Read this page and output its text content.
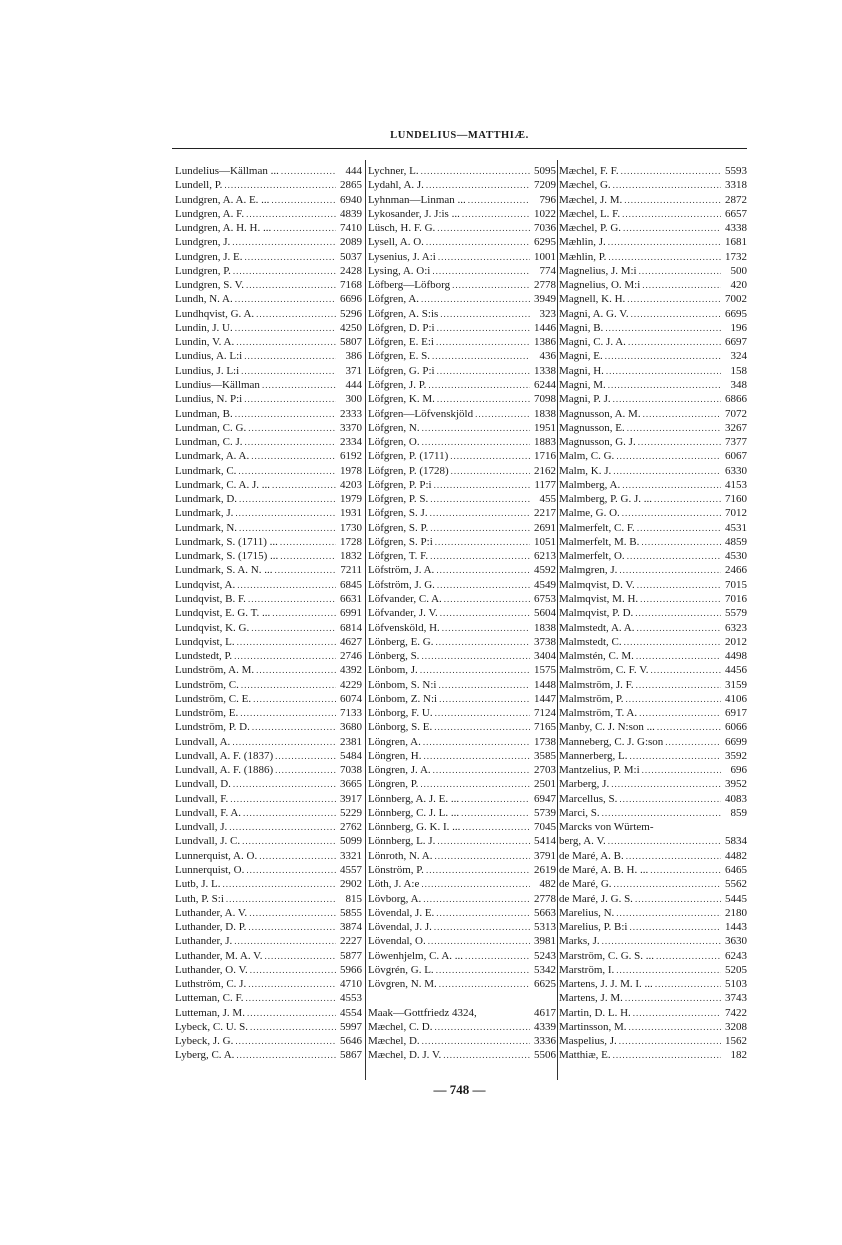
LUNDELIUS—MATTHIÆ.
Lundelius—Källman ... .....	444
Lundell, P. .....	2865
Lundgren, A. A. E. ... .....	6940
Lundgren, A. F. .....	4839
Lundgren, A. H. H. ... .....	7410
Lundgren, J. .....	2089
Lundgren, J. E. .....	5037
Lundgren, P. .....	2428
Lundgren, S. V. .....	7168
Lundh, N. A. .....	6696
Lundhqvist, G. A. .....	5296
Lundin, J. U. .....	4250
Lundin, V. A. .....	5807
Lundius, A. L:i .....	386
Lundius, J. L:i .....	371
Lundius—Källman .....	444
Lundius, N. P:i .....	300
Lundman, B. .....	2333
Lundman, C. G. .....	3370
Lundman, C. J. .....	2334
Lundmark, A. A. .....	6192
Lundmark, C. .....	1978
Lundmark, C. A. J. ... .....	4203
Lundmark, D. .....	1979
Lundmark, J. .....	1931
Lundmark, N. .....	1730
Lundmark, S. (1711) ... .....	1728
Lundmark, S. (1715) ... .....	1832
Lundmark, S. A. N. ... .....	7211
Lundqvist, A. .....	6845
Lundqvist, B. F. .....	6631
Lundqvist, E. G. T. ... .....	6991
Lundqvist, K. G. .....	6814
Lundqvist, L. .....	4627
Lundstedt, P. .....	2746
Lundström, A. M. .....	4392
Lundström, C. .....	4229
Lundström, C. E. .....	6074
Lundström, E. .....	7133
Lundström, P. D. .....	3680
Lundvall, A. .....	2381
Lundvall, A. F. (1837) .....	5484
Lundvall, A. F. (1886) .....	7038
Lundvall, D. .....	3665
Lundvall, F. .....	3917
Lundvall, F. A. .....	5229
Lundvall, J. .....	2762
Lundvall, J. C. .....	5099
Lunnerquist, A. O. .....	3321
Lunnerquist, O. .....	4557
Lutb, J. L. .....	2902
Luth, P. S:i .....	815
Luthander, A. V. .....	5855
Luthander, D. P. .....	3874
Luthander, J. .....	2227
Luthander, M. A. V. .....	5877
Luthander, O. V. .....	5966
Luthström, C. J. .....	4710
Lutteman, C. F. .....	4553
Lutteman, J. M. .....	4554
Lybeck, C. U. S. .....	5997
Lybeck, J. G. .....	5646
Lyberg, C. A. .....	5867
Lychner, L. .....	5095
Lydahl, A. J. .....	7209
Lyhnman—Linman ... .....	796
Lykosander, J. J:is ... .....	1022
Lüsch, H. F. G. .....	7036
Lysell, A. O. .....	6295
Lysenius, J. A:i .....	1001
Lysing, A. O:i .....	774
Löfberg—Löfborg .....	2778
Löfgren, A. .....	3949
Löfgren, A. S:is .....	323
Löfgren, D. P:i .....	1446
Löfgren, E. E:i .....	1386
Löfgren, E. S. .....	436
Löfgren, G. P:i .....	1338
Löfgren, J. P. .....	6244
Löfgren, K. M. .....	7098
Löfgren—Löfvenskjöld .....	1838
Löfgren, N. .....	1951
Löfgren, O. .....	1883
Löfgren, P. (1711) .....	1716
Löfgren, P. (1728) .....	2162
Löfgren, P. P:i .....	1177
Löfgren, P. S. .....	455
Löfgren, S. J. .....	2217
Löfgren, S. P. .....	2691
Löfgren, S. P:i .....	1051
Löfgren, T. F. .....	6213
Löfström, J. A. .....	4592
Löfström, J. G. .....	4549
Löfvander, C. A. .....	6753
Löfvander, J. V. .....	5604
Löfvensköld, H. .....	1838
Lönberg, E. G. .....	3738
Lönberg, S. .....	3404
Lönbom, J. .....	1575
Lönbom, S. N:i .....	1448
Lönbom, Z. N:i .....	1447
Lönborg, F. U. .....	7124
Lönborg, S. E. .....	7165
Löngren, A. .....	1738
Löngren, H. .....	3585
Löngren, J. A. .....	2703
Löngren, P. .....	2501
Lönnberg, A. J. E. ... .....	6947
Lönnberg, C. J. L. ... .....	5739
Lönnberg, G. K. I. ... .....	7045
Lönnberg, L. J. .....	5414
Lönroth, N. A. .....	3791
Lönström, P. .....	2619
Löth, J. A:e .....	482
Lövborg, A. .....	2778
Lövendal, J. E. .....	5663
Lövendal, J. J. .....	5313
Lövendal, O. .....	3981
Löwenhjelm, C. A. ... .....	5243
Lövgrén, G. L. .....	5342
Lövgren, N. M. .....	6625
Maak—Gottfriedz 4324,	4617
Mæchel, C. D. .....	4339
Mæchel, D. .....	3336
Mæchel, D. J. V. .....	5506
Mæchel, F. F. .....	5593
Mæchel, G. .....	3318
Mæchel, J. M. .....	2872
Mæchel, L. F. .....	6657
Mæchel, P. G. .....	4338
Mæhlin, J. .....	1681
Mæhlin, P. .....	1732
Magnelius, J. M:i .....	500
Magnelius, O. M:i .....	420
Magnell, K. H. .....	7002
Magni, A. G. V. .....	6695
Magni, B. .....	196
Magni, C. J. A. .....	6697
Magni, E. .....	324
Magni, H. .....	158
Magni, M. .....	348
Magni, P. J. .....	6866
Magnusson, A. M. .....	7072
Magnusson, E. .....	3267
Magnusson, G. J. .....	7377
Malm, C. G. .....	6067
Malm, K. J. .....	6330
Malmberg, A. .....	4153
Malmberg, P. G. J. ... .....	7160
Malme, G. O. .....	7012
Malmerfelt, C. F. .....	4531
Malmerfelt, M. B. .....	4859
Malmerfelt, O. .....	4530
Malmgren, J. .....	2466
Malmqvist, D. V. .....	7015
Malmqvist, M. H. .....	7016
Malmqvist, P. D. .....	5579
Malmstedt, A. A. .....	6323
Malmstedt, C. .....	2012
Malmstén, C. M. .....	4498
Malmström, C. F. V. .....	4456
Malmström, J. F. .....	3159
Malmström, P. .....	4106
Malmström, T. A. .....	6917
Manby, C. J. N:son ... .....	6066
Manneberg, C. J. G:son .....	6699
Mannerberg, L. .....	3592
Mantzelius, P. M:i .....	696
Marberg, J. .....	3952
Marcellus, S. .....	4083
Marci, S. .....	859
Marcks von Würtem-
berg, A. V. .....	5834
de Maré, A. B. .....	4482
de Maré, A. B. H. ... .....	6465
de Maré, G. .....	5562
de Maré, J. G. S. .....	5445
Marelius, N. .....	2180
Marelius, P. B:i .....	1443
Marks, J. .....	3630
Marström, C. G. S. ... .....	6243
Marström, I. .....	5205
Martens, J. J. M. I. ... .....	5103
Martens, J. M. .....	3743
Martin, D. L. H. .....	7422
Martinsson, M. .....	3208
Maspelius, J. .....	1562
Matthiæ, E. .....	182
— 748 —
